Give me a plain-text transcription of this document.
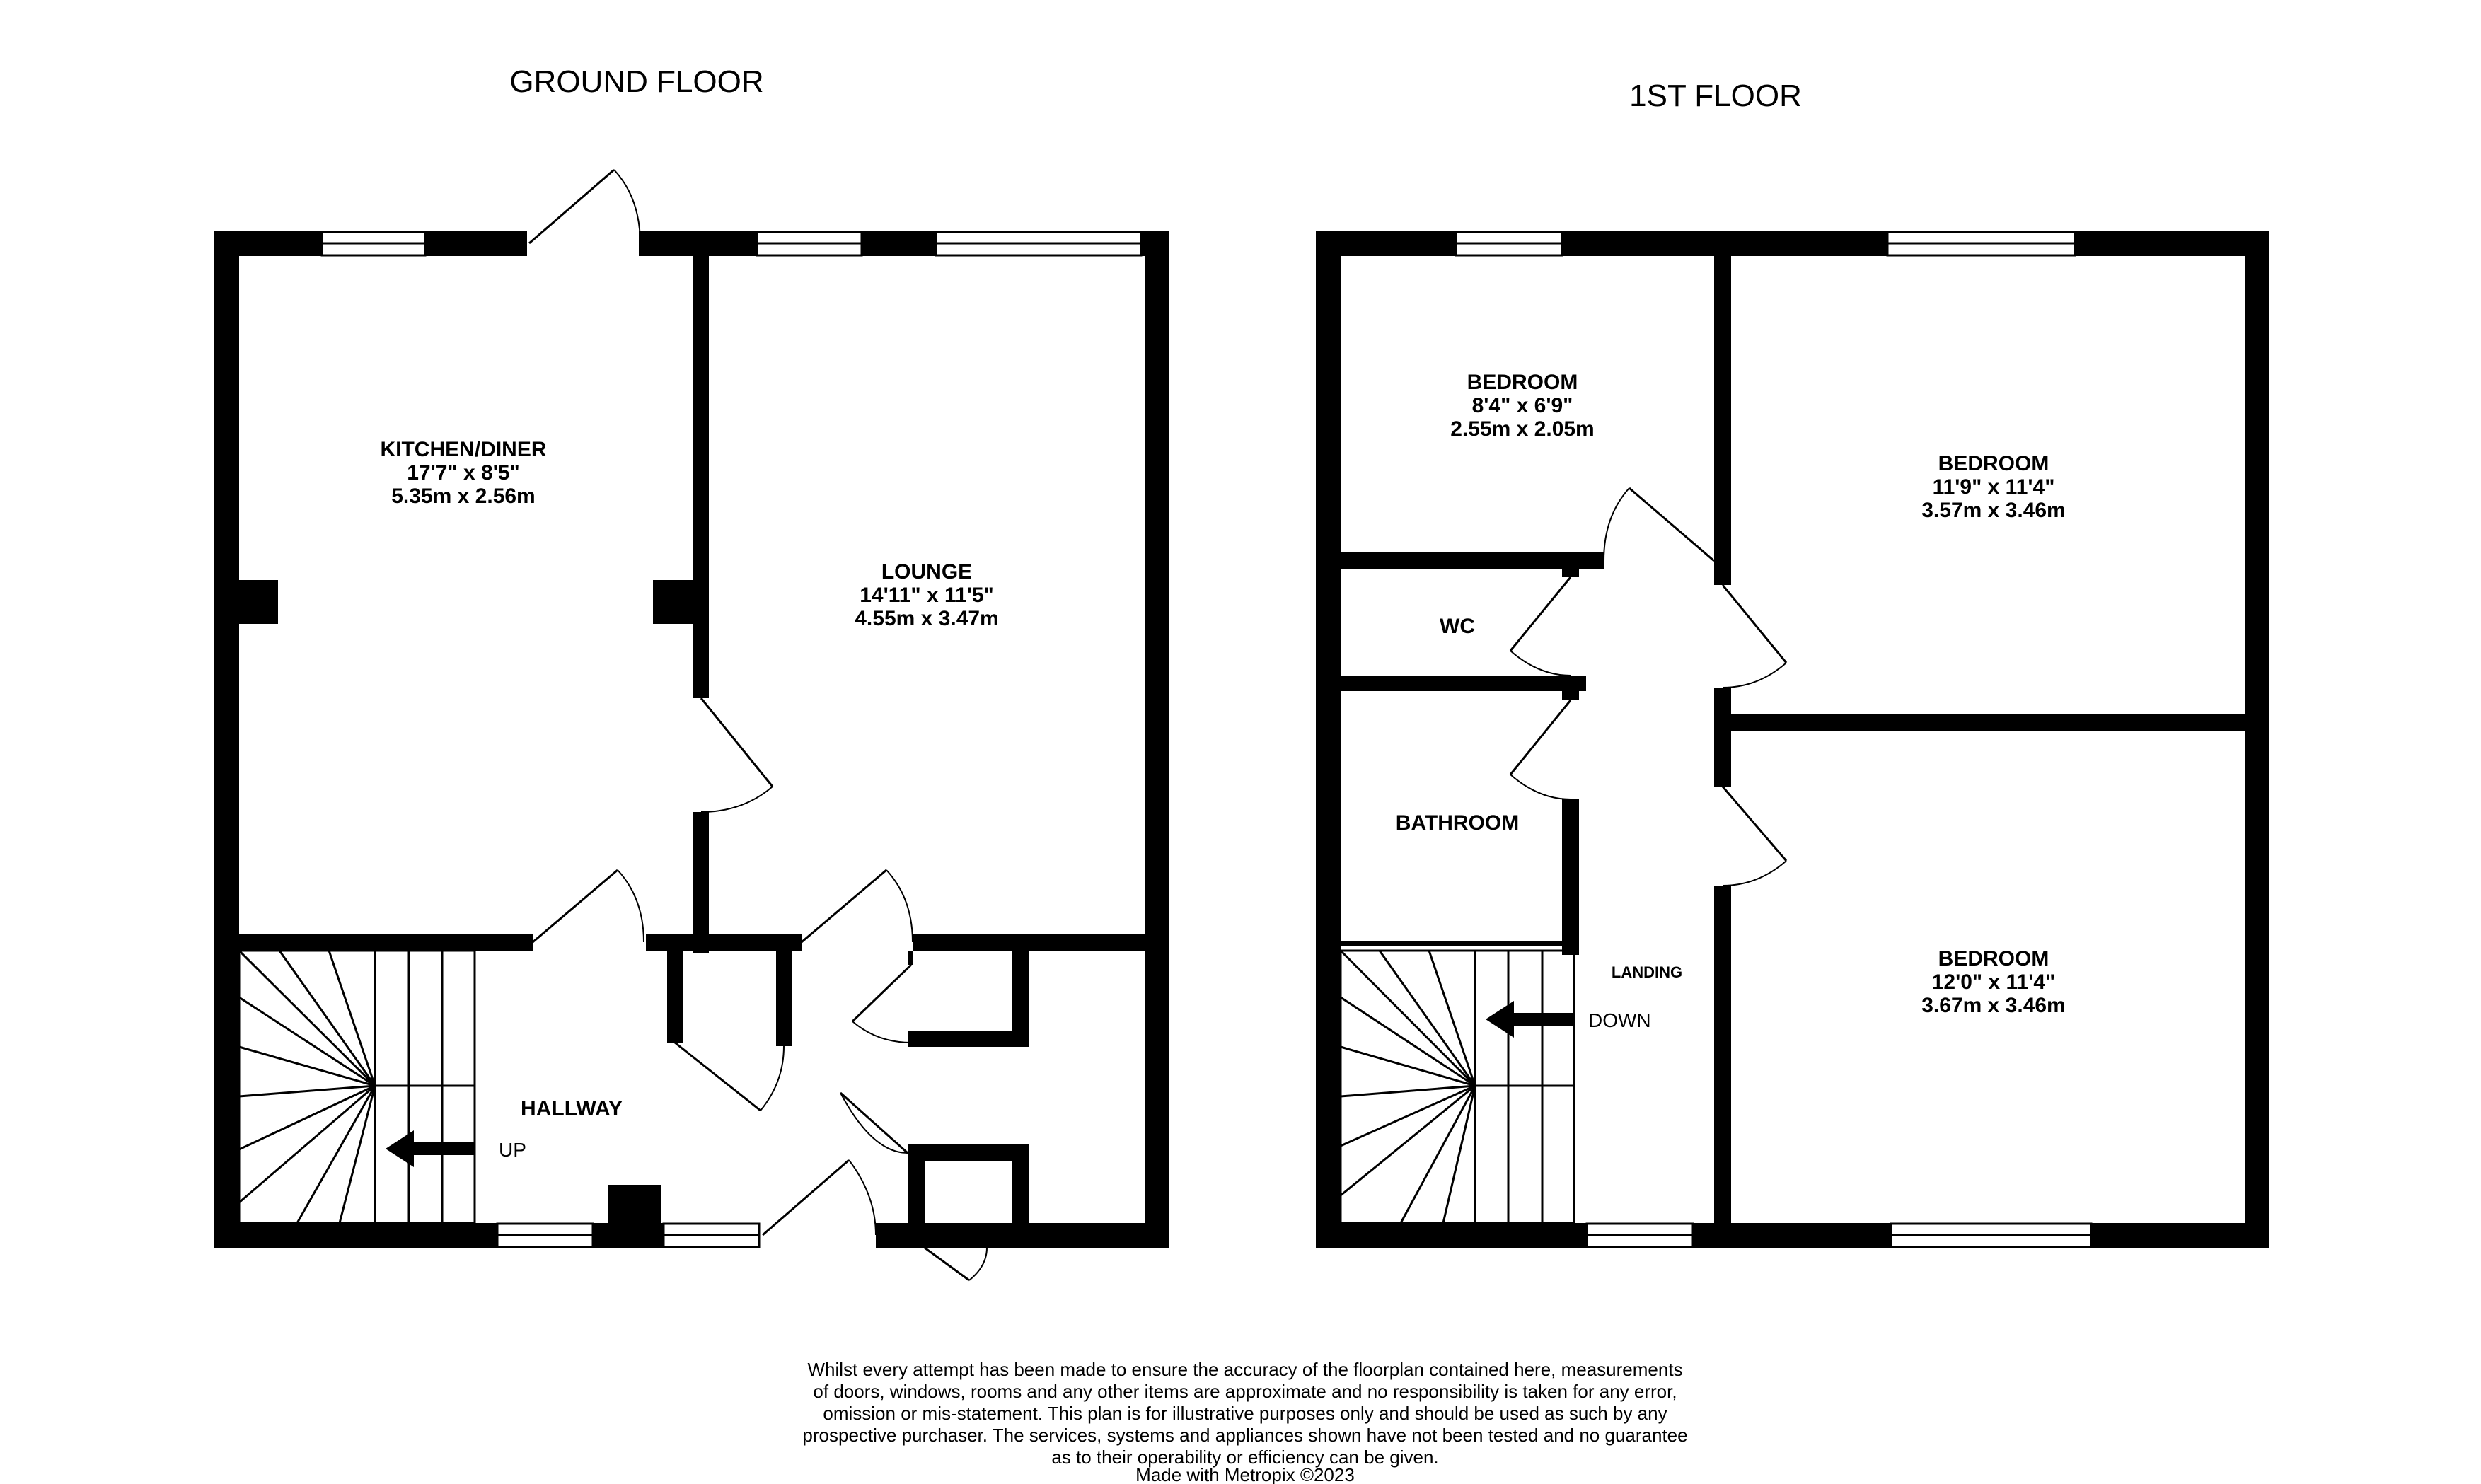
GROUND FLOOR
KITCHEN/DINER
17'7" x 8'5"
5.35m x 2.56m
LOUNGE
14'11" x 11'5"
4.55m x 3.47m
HALLWAY
UP
1ST FLOOR
BEDROOM
8'4" x 6'9"
2.55m x 2.05m
BEDROOM
11'9" x 11'4"
3.57m x 3.46m
BEDROOM
12'0" x 11'4"
3.67m x 3.46m
WC
BATHROOM
LANDING
DOWN
Whilst every attempt has been made to ensure the accuracy of the floorplan contained here, measurements
of doors, windows, rooms and any other items are approximate and no responsibility is taken for any error,
omission or mis-statement. This plan is for illustrative purposes only and should be used as such by any
prospective purchaser. The services, systems and appliances shown have not been tested and no guarantee
as to their operability or efficiency can be given.
Made with Metropix ©2023
